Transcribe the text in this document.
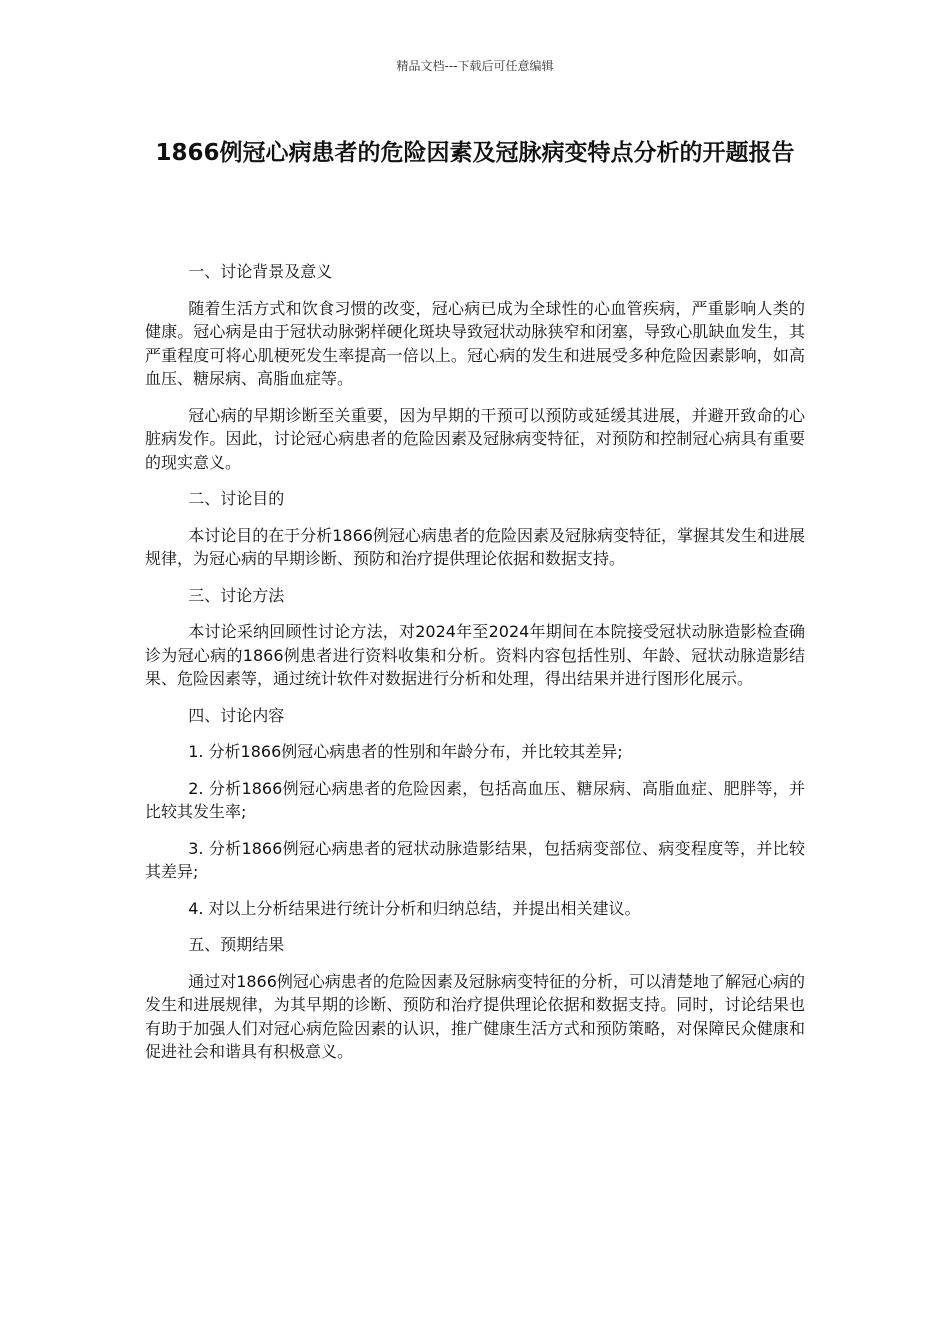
精品文档---下载后可任意编辑
1866例冠心病患者的危险因素及冠脉病变特点分析的开题报告

一、讨论背景及意义

随着生活方式和饮食习惯的改变，冠心病已成为全球性的心血管疾病，严重影响人类的健康。冠心病是由于冠状动脉粥样硬化斑块导致冠状动脉狭窄和闭塞，导致心肌缺血发生，其严重程度可将心肌梗死发生率提高一倍以上。冠心病的发生和进展受多种危险因素影响，如高血压、糖尿病、高脂血症等。

冠心病的早期诊断至关重要，因为早期的干预可以预防或延缓其进展，并避开致命的心脏病发作。因此，讨论冠心病患者的危险因素及冠脉病变特征，对预防和控制冠心病具有重要的现实意义。

二、讨论目的

本讨论目的在于分析1866例冠心病患者的危险因素及冠脉病变特征，掌握其发生和进展规律，为冠心病的早期诊断、预防和治疗提供理论依据和数据支持。

三、讨论方法

本讨论采纳回顾性讨论方法，对2024年至2024年期间在本院接受冠状动脉造影检查确诊为冠心病的1866例患者进行资料收集和分析。资料内容包括性别、年龄、冠状动脉造影结果、危险因素等，通过统计软件对数据进行分析和处理，得出结果并进行图形化展示。

四、讨论内容

1. 分析1866例冠心病患者的性别和年龄分布，并比较其差异;

2. 分析1866例冠心病患者的危险因素，包括高血压、糖尿病、高脂血症、肥胖等，并比较其发生率;

3. 分析1866例冠心病患者的冠状动脉造影结果，包括病变部位、病变程度等，并比较其差异;

4. 对以上分析结果进行统计分析和归纳总结，并提出相关建议。

五、预期结果

通过对1866例冠心病患者的危险因素及冠脉病变特征的分析，可以清楚地了解冠心病的发生和进展规律，为其早期的诊断、预防和治疗提供理论依据和数据支持。同时，讨论结果也有助于加强人们对冠心病危险因素的认识，推广健康生活方式和预防策略，对保障民众健康和促进社会和谐具有积极意义。
